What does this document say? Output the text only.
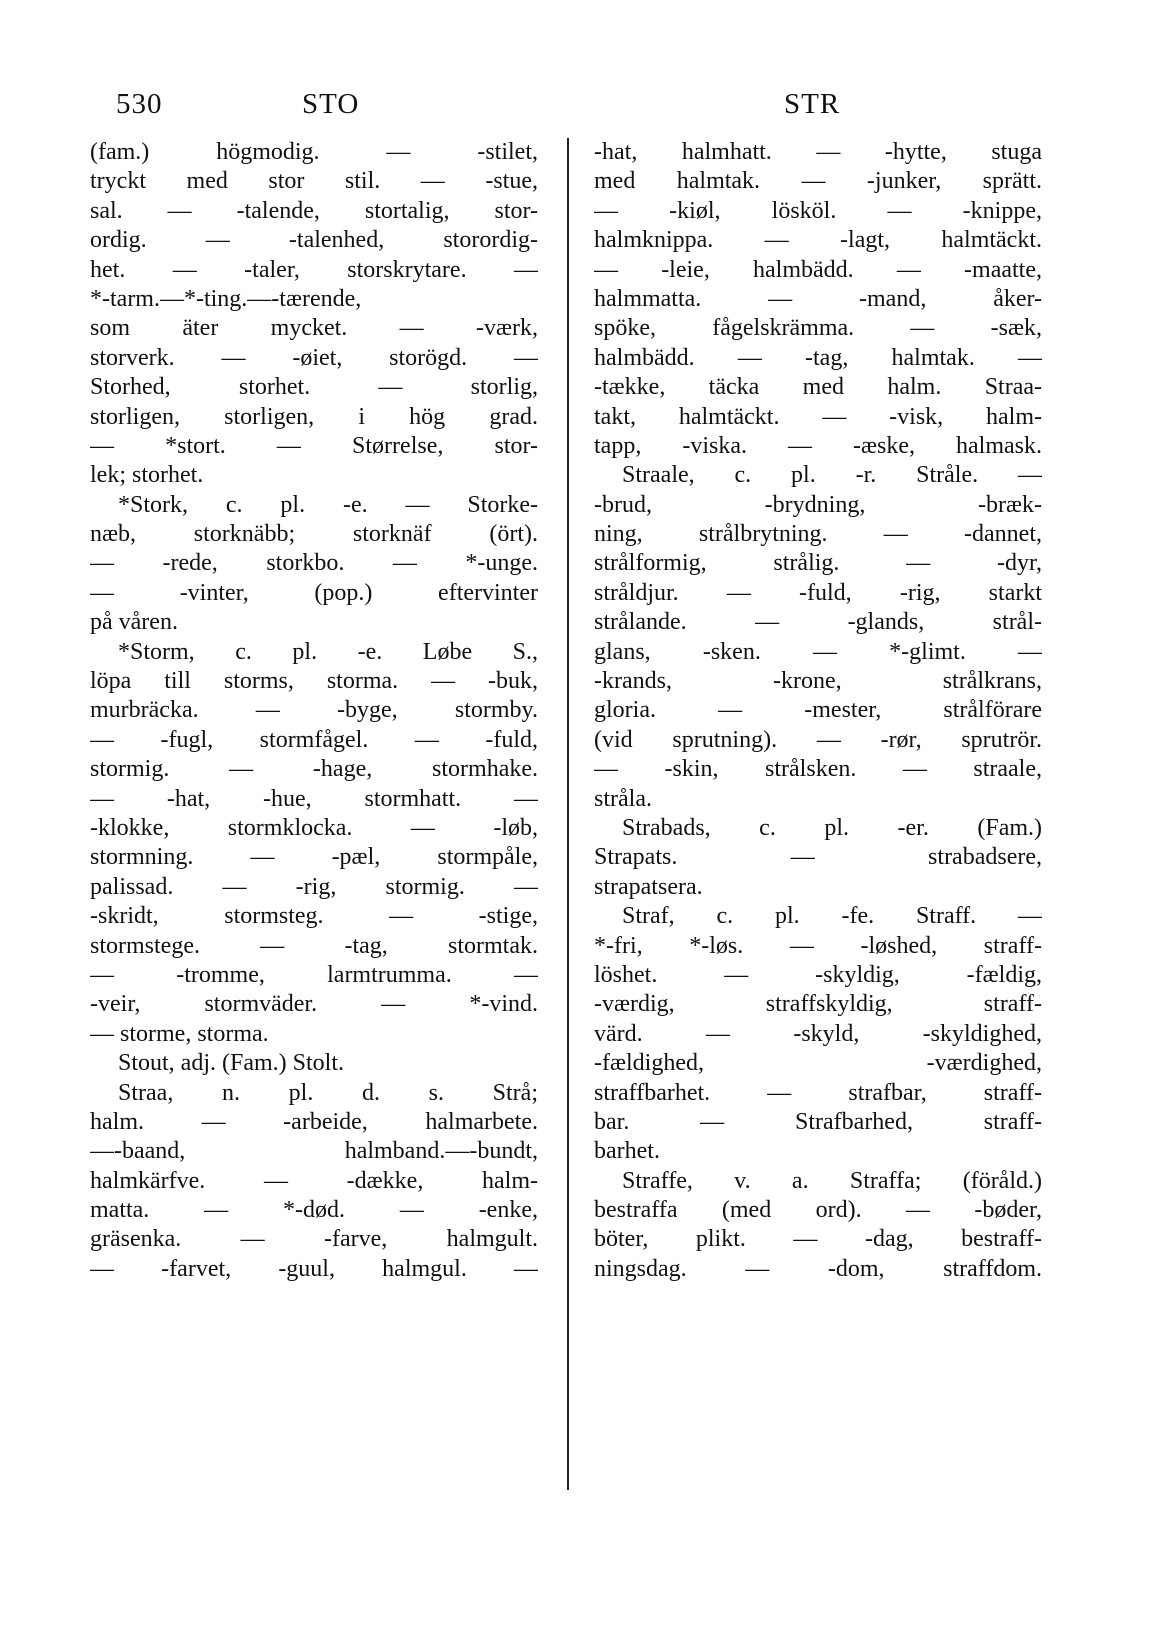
530	STO	STR
(fam.) högmodig. — -stilet,
tryckt med stor stil. — -stue,
sal. — -talende, stortalig, stor-
ordig. — -talenhed, storordig-
het. — -taler, storskrytare. —
*-tarm.—*-ting.—-tærende,
som äter mycket. — -værk,
storverk. — -øiet, storögd. —
Storhed, storhet. — storlig,
storligen, storligen, i hög grad.
— *stort. — Størrelse, stor-
lek; storhet.
*Stork, c. pl. -e. — Storke-
næb, storknäbb; storknäf (ört).
— -rede, storkbo. — *-unge.
— -vinter, (pop.) eftervinter
på våren.
*Storm, c. pl. -e. Løbe S.,
löpa till storms, storma. — -buk,
murbräcka. — -byge, stormby.
— -fugl, stormfågel. — -fuld,
stormig. — -hage, stormhake.
— -hat, -hue, stormhatt. —
-klokke, stormklocka. — -løb,
stormning. — -pæl, stormpåle,
palissad. — -rig, stormig. —
-skridt, stormsteg. — -stige,
stormstege. — -tag, stormtak.
— -tromme, larmtrumma. —
-veir, stormväder. — *-vind.
— storme, storma.
Stout, adj. (Fam.) Stolt.
Straa, n. pl. d. s. Strå;
halm. — -arbeide, halmarbete.
—-baand, halmband.—-bundt,
halmkärfve. — -dække, halm-
matta. — *-død. — -enke,
gräsenka. — -farve, halmgult.
— -farvet, -guul, halmgul. —
-hat, halmhatt. — -hytte, stuga
med halmtak. — -junker, sprätt.
— -kiøl, lösköl. — -knippe,
halmknippa. — -lagt, halmtäckt.
— -leie, halmbädd. — -maatte,
halmmatta. — -mand, åker-
spöke, fågelskrämma. — -sæk,
halmbädd. — -tag, halmtak. —
-tække, täcka med halm. Straa-
takt, halmtäckt. — -visk, halm-
tapp, -viska. — -æske, halmask.
Straale, c. pl. -r. Stråle. —
-brud, -brydning, -bræk-
ning, strålbrytning. — -dannet,
strålformig, strålig. — -dyr,
stråldjur. — -fuld, -rig, starkt
strålande. — -glands, strål-
glans, -sken. — *-glimt. —
-krands, -krone, strålkrans,
gloria. — -mester, strålförare
(vid sprutning). — -rør, sprutrör.
— -skin, strålsken. — straale,
stråla.
Strabads, c. pl. -er. (Fam.)
Strapats. — strabadsere,
strapatsera.
Straf, c. pl. -fe. Straff. —
*-fri, *-løs. — -løshed, straff-
löshet. — -skyldig, -fældig,
-værdig, straffskyldig, straff-
värd. — -skyld, -skyldighed,
-fældighed, -værdighed,
straffbarhet. — strafbar, straff-
bar. — Strafbarhed, straff-
barhet.
Straffe, v. a. Straffa; (föråld.)
bestraffa (med ord). — -bøder,
böter, plikt. — -dag, bestraff-
ningsdag. — -dom, straffdom.
